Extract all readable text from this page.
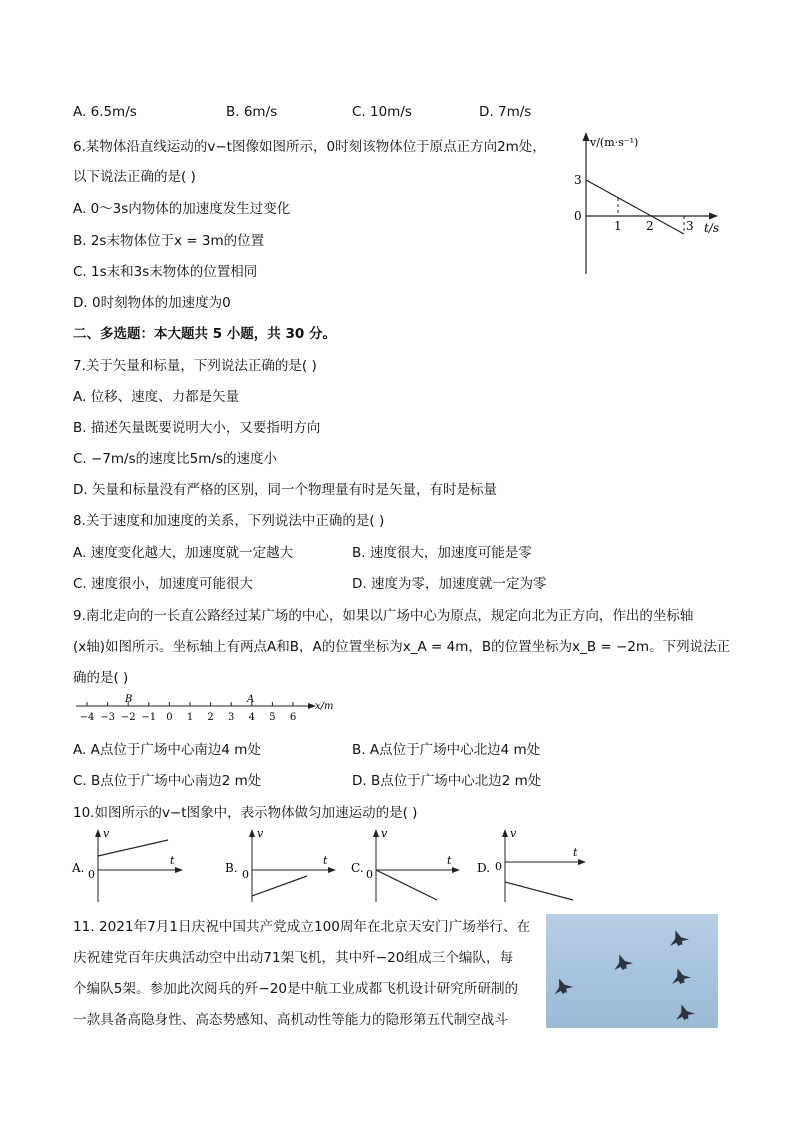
A. 6.5m/s	B. 6m/s	C. 10m/s	D. 7m/s
6.某物体沿直线运动的v−t图像如图所示，0时刻该物体位于原点正方向2m处，
以下说法正确的是( )
A. 0～3s内物体的加速度发生过变化
B. 2s末物体位于x = 3m的位置
C. 1s末和3s末物体的位置相同
D. 0时刻物体的加速度为0
v/(m·s⁻¹)
3
0
1 2	3 t/s
二、多选题：本大题共 5 小题，共 30 分。
7.关于矢量和标量，下列说法正确的是( )
A. 位移、速度、力都是矢量
B. 描述矢量既要说明大小，又要指明方向
C. −7m/s的速度比5m/s的速度小
D. 矢量和标量没有严格的区别，同一个物理量有时是矢量，有时是标量
8.关于速度和加速度的关系，下列说法中正确的是( )
A. 速度变化越大，加速度就一定越大	B. 速度很大，加速度可能是零
C. 速度很小，加速度可能很大	D. 速度为零，加速度就一定为零
9.南北走向的一长直公路经过某广场的中心，如果以广场中心为原点，规定向北为正方向，作出的坐标轴
(x轴)如图所示。坐标轴上有两点A和B，A的位置坐标为x_A = 4m，B的位置坐标为x_B = −2m。下列说法正
确的是( )
−4 −3 −2 −1 0 1 2 3 4 5 6
B	A
x/m
A. A点位于广场中心南边4 m处	B. A点位于广场中心北边4 m处
C. B点位于广场中心南边2 m处	D. B点位于广场中心北边2 m处
10.如图所示的v−t图象中，表示物体做匀加速运动的是( )
A.
v
t
0	B.
v
t
0	C.
v
t
0	D.
v
t
0
11. 2021年7月1日庆祝中国共产党成立100周年在北京天安门广场举行、在
庆祝建党百年庆典活动空中出动71架飞机，其中歼−20组成三个编队，每
个编队5架。参加此次阅兵的歼−20是中航工业成都飞机设计研究所研制的
一款具备高隐身性、高态势感知、高机动性等能力的隐形第五代制空战斗
